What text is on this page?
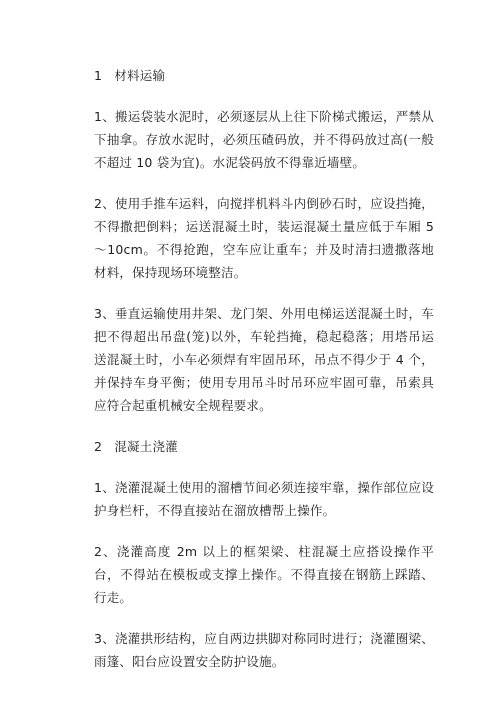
1 材料运输

1、搬运袋装水泥时，必须逐层从上往下阶梯式搬运，严禁从下抽拿。存放水泥时，必须压碴码放，并不得码放过高(一般不超过 10 袋为宜)。水泥袋码放不得靠近墙壁。

2、使用手推车运料，向搅拌机料斗内倒砂石时，应设挡掩，不得撒把倒料；运送混凝土时，装运混凝土量应低于车厢 5～10cm。不得抢跑，空车应让重车；并及时清扫遗撒落地材料，保持现场环境整洁。

3、垂直运输使用井架、龙门架、外用电梯运送混凝土时，车把不得超出吊盘(笼)以外，车轮挡掩，稳起稳落；用塔吊运送混凝土时，小车必须焊有牢固吊环，吊点不得少于 4 个，并保持车身平衡；使用专用吊斗时吊环应牢固可靠，吊索具应符合起重机械安全规程要求。

2 混凝土浇灌

1、浇灌混凝土使用的溜槽节间必须连接牢靠，操作部位应设护身栏杆，不得直接站在溜放槽帮上操作。

2、浇灌高度 2m 以上的框架梁、柱混凝土应搭设操作平台，不得站在模板或支撑上操作。不得直接在钢筋上踩踏、行走。

3、浇灌拱形结构，应自两边拱脚对称同时进行；浇灌圈梁、雨篷、阳台应设置安全防护设施。
